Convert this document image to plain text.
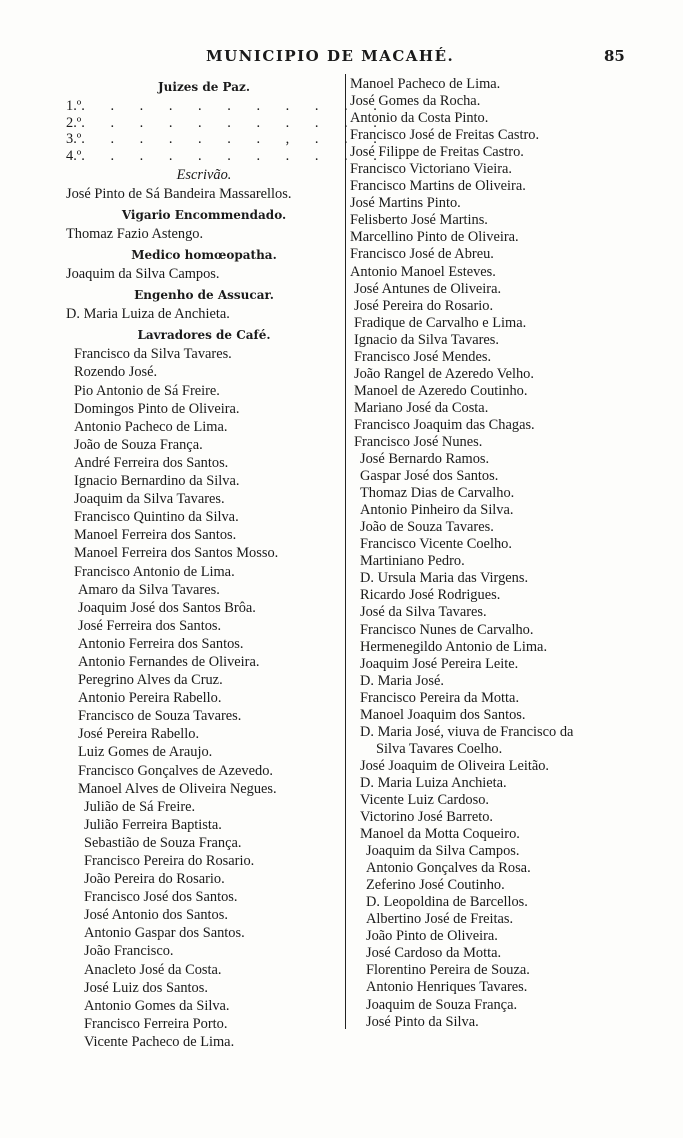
MUNICIPIO DE MACAHÉ.	85
Juizes de Paz.
1.º . . . . . . . . . . .
2.º . . . . . . . . . . .
3.º . . . . . . . , . . .
4.º . . . . . . . . . . .
Escrivão.
José Pinto de Sá Bandeira Massarellos.
Vigario Encommendado.
Thomaz Fazio Astengo.
Medico homœopatha.
Joaquim da Silva Campos.
Engenho de Assucar.
D. Maria Luiza de Anchieta.
Lavradores de Café.
Francisco da Silva Tavares.
Rozendo José.
Pio Antonio de Sá Freire.
Domingos Pinto de Oliveira.
Antonio Pacheco de Lima.
João de Souza França.
André Ferreira dos Santos.
Ignacio Bernardino da Silva.
Joaquim da Silva Tavares.
Francisco Quintino da Silva.
Manoel Ferreira dos Santos.
Manoel Ferreira dos Santos Mosso.
Francisco Antonio de Lima.
Amaro da Silva Tavares.
Joaquim José dos Santos Brôa.
José Ferreira dos Santos.
Antonio Ferreira dos Santos.
Antonio Fernandes de Oliveira.
Peregrino Alves da Cruz.
Antonio Pereira Rabello.
Francisco de Souza Tavares.
José Pereira Rabello.
Luiz Gomes de Araujo.
Francisco Gonçalves de Azevedo.
Manoel Alves de Oliveira Negues.
Julião de Sá Freire.
Julião Ferreira Baptista.
Sebastião de Souza França.
Francisco Pereira do Rosario.
João Pereira do Rosario.
Francisco José dos Santos.
José Antonio dos Santos.
Antonio Gaspar dos Santos.
João Francisco.
Anacleto José da Costa.
José Luiz dos Santos.
Antonio Gomes da Silva.
Francisco Ferreira Porto.
Vicente Pacheco de Lima.
Manoel Pacheco de Lima.
José Gomes da Rocha.
Antonio da Costa Pinto.
Francisco José de Freitas Castro.
José Filippe de Freitas Castro.
Francisco Victoriano Vieira.
Francisco Martins de Oliveira.
José Martins Pinto.
Felisberto José Martins.
Marcellino Pinto de Oliveira.
Francisco José de Abreu.
Antonio Manoel Esteves.
José Antunes de Oliveira.
José Pereira do Rosario.
Fradique de Carvalho e Lima.
Ignacio da Silva Tavares.
Francisco José Mendes.
João Rangel de Azeredo Velho.
Manoel de Azeredo Coutinho.
Mariano José da Costa.
Francisco Joaquim das Chagas.
Francisco José Nunes.
José Bernardo Ramos.
Gaspar José dos Santos.
Thomaz Dias de Carvalho.
Antonio Pinheiro da Silva.
João de Souza Tavares.
Francisco Vicente Coelho.
Martiniano Pedro.
D. Ursula Maria das Virgens.
Ricardo José Rodrigues.
José da Silva Tavares.
Francisco Nunes de Carvalho.
Hermenegildo Antonio de Lima.
Joaquim José Pereira Leite.
D. Maria José.
Francisco Pereira da Motta.
Manoel Joaquim dos Santos.
D. Maria José, viuva de Francisco da
Silva Tavares Coelho.
José Joaquim de Oliveira Leitão.
D. Maria Luiza Anchieta.
Vicente Luiz Cardoso.
Victorino José Barreto.
Manoel da Motta Coqueiro.
Joaquim da Silva Campos.
Antonio Gonçalves da Rosa.
Zeferino José Coutinho.
D. Leopoldina de Barcellos.
Albertino José de Freitas.
João Pinto de Oliveira.
José Cardoso da Motta.
Florentino Pereira de Souza.
Antonio Henriques Tavares.
Joaquim de Souza França.
José Pinto da Silva.
